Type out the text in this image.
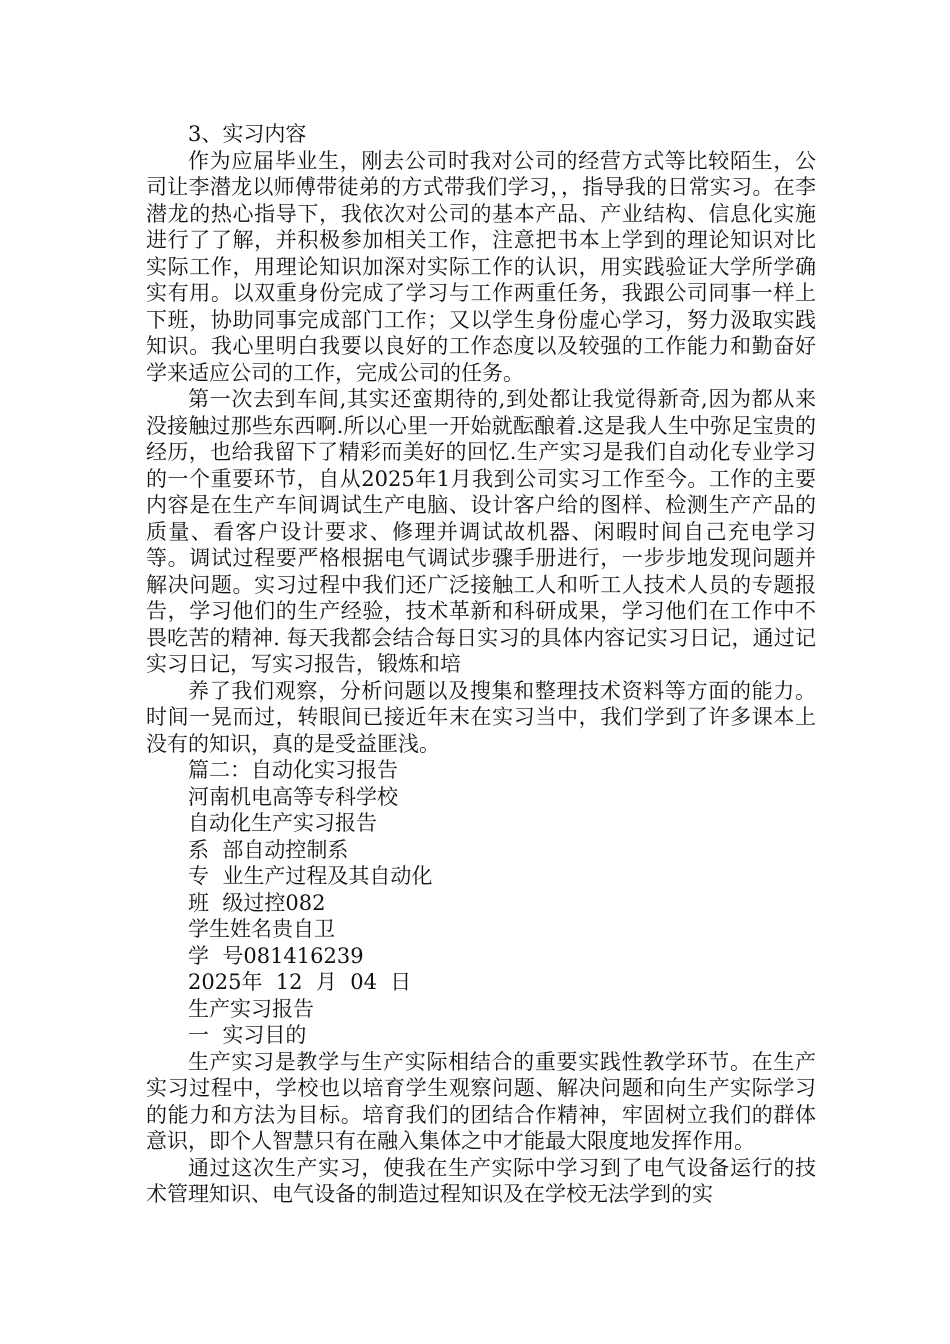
3、实习内容

作为应届毕业生，刚去公司时我对公司的经营方式等比较陌生，公司让李潜龙以师傅带徒弟的方式带我们学习，，指导我的日常实习。在李潜龙的热心指导下，我依次对公司的基本产品、产业结构、信息化实施进行了了解，并积极参加相关工作，注意把书本上学到的理论知识对比实际工作，用理论知识加深对实际工作的认识，用实践验证大学所学确实有用。以双重身份完成了学习与工作两重任务，我跟公司同事一样上下班，协助同事完成部门工作；又以学生身份虚心学习，努力汲取实践知识。我心里明白我要以良好的工作态度以及较强的工作能力和勤奋好学来适应公司的工作，完成公司的任务。

第一次去到车间,其实还蛮期待的,到处都让我觉得新奇,因为都从来没接触过那些东西啊.所以心里一开始就酝酿着.这是我人生中弥足宝贵的经历，也给我留下了精彩而美好的回忆.生产实习是我们自动化专业学习的一个重要环节，自从2025年1月我到公司实习工作至今。工作的主要内容是在生产车间调试生产电脑、设计客户给的图样、检测生产产品的质量、看客户设计要求、修理并调试故机器、闲暇时间自己充电学习等。调试过程要严格根据电气调试步骤手册进行，一步步地发现问题并解决问题。实习过程中我们还广泛接触工人和听工人技术人员的专题报告，学习他们的生产经验，技术革新和科研成果，学习他们在工作中不畏吃苦的精神. 每天我都会结合每日实习的具体内容记实习日记，通过记实习日记，写实习报告，锻炼和培

养了我们观察，分析问题以及搜集和整理技术资料等方面的能力。时间一晃而过，转眼间已接近年末在实习当中，我们学到了许多课本上没有的知识，真的是受益匪浅。

篇二：自动化实习报告

河南机电高等专科学校

自动化生产实习报告

系  部自动控制系

专  业生产过程及其自动化

班  级过控082

学生姓名贵自卫

学  号081416239

2025年  12  月  04  日

生产实习报告

一  实习目的

生产实习是教学与生产实际相结合的重要实践性教学环节。在生产实习过程中，学校也以培育学生观察问题、解决问题和向生产实际学习的能力和方法为目标。培育我们的团结合作精神，牢固树立我们的群体意识，即个人智慧只有在融入集体之中才能最大限度地发挥作用。

通过这次生产实习，使我在生产实际中学习到了电气设备运行的技术管理知识、电气设备的制造过程知识及在学校无法学到的实
